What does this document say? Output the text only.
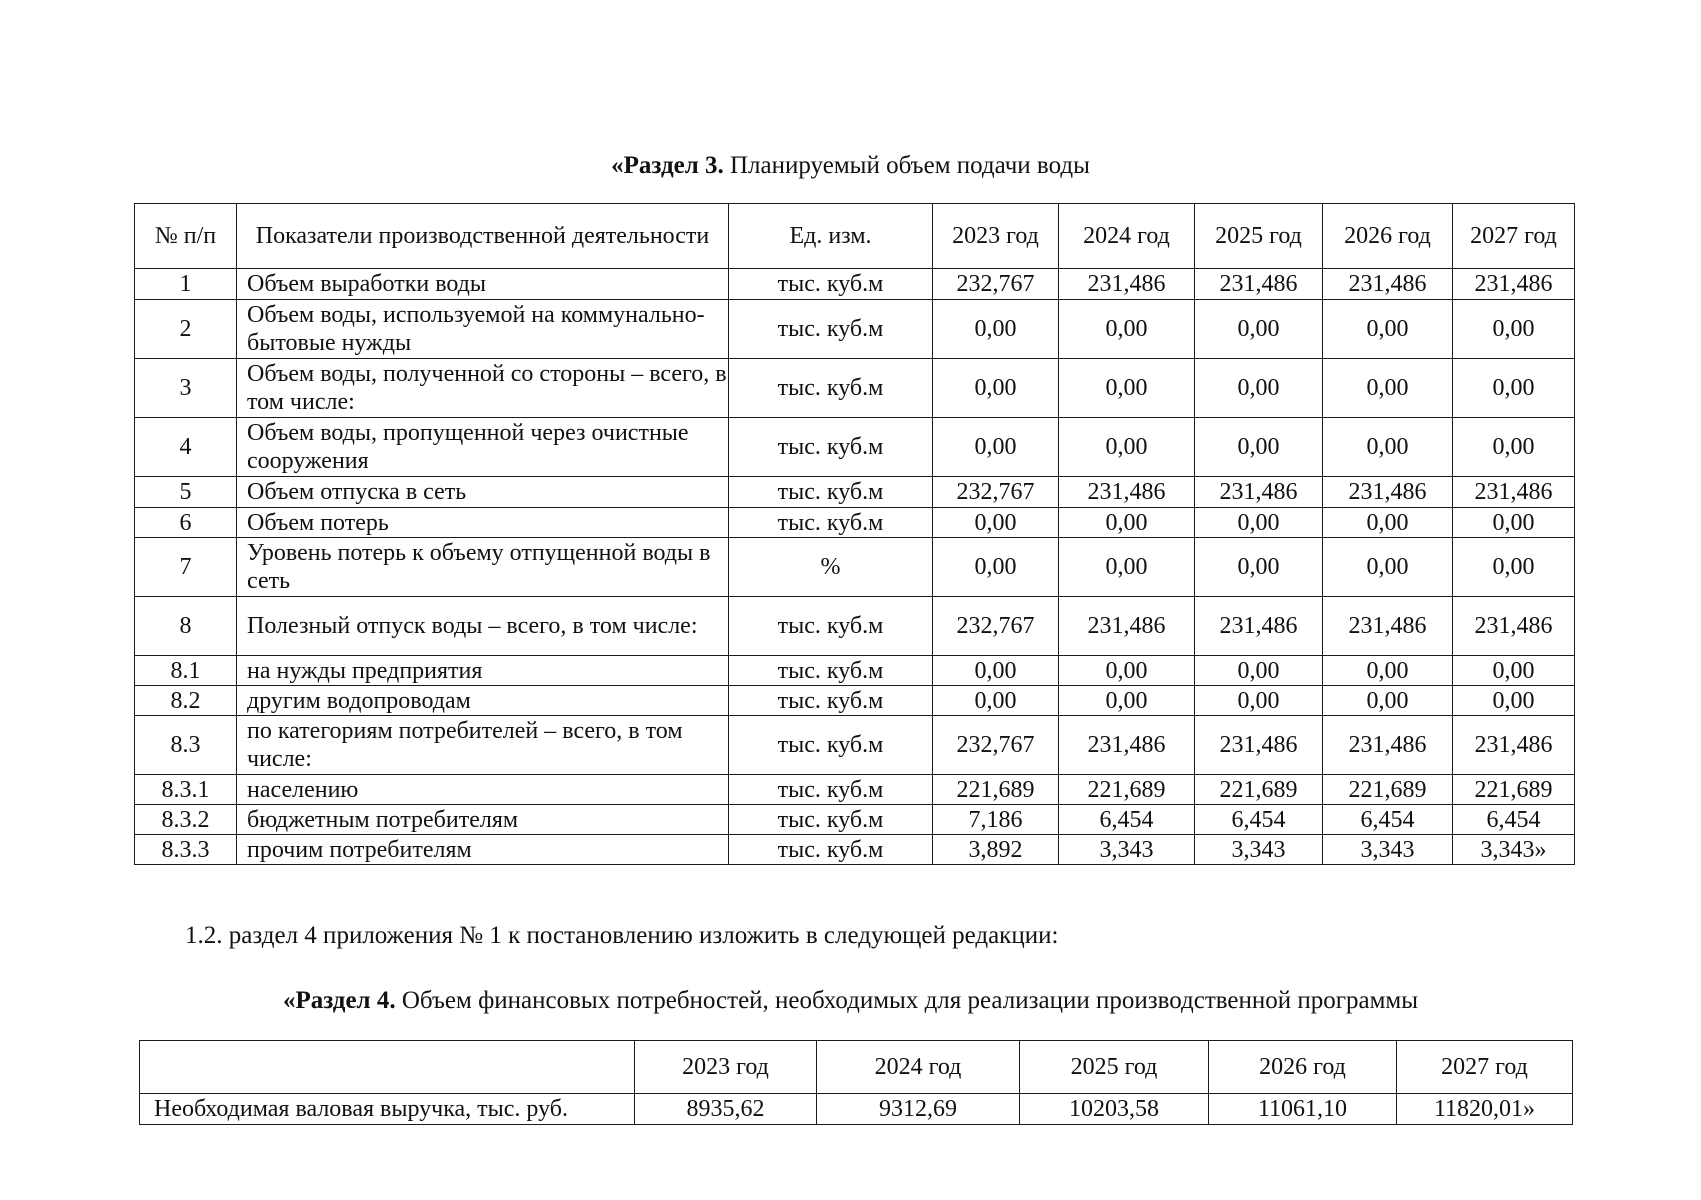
«Раздел 3. Планируемый объем подачи воды
№ п/п	Показатели производственной деятельности	Ед. изм.	2023 год	2024 год	2025 год	2026 год	2027 год
1	Объем выработки воды	тыс. куб.м	232,767	231,486	231,486	231,486	231,486
2	Объем воды, используемой на коммунально-бытовые нужды	тыс. куб.м	0,00	0,00	0,00	0,00	0,00
3	Объем воды, полученной со стороны – всего, в том числе:	тыс. куб.м	0,00	0,00	0,00	0,00	0,00
4	Объем воды, пропущенной через очистные сооружения	тыс. куб.м	0,00	0,00	0,00	0,00	0,00
5	Объем отпуска в сеть	тыс. куб.м	232,767	231,486	231,486	231,486	231,486
6	Объем потерь	тыс. куб.м	0,00	0,00	0,00	0,00	0,00
7	Уровень потерь к объему отпущенной воды в сеть	%	0,00	0,00	0,00	0,00	0,00
8	Полезный отпуск воды – всего, в том числе:	тыс. куб.м	232,767	231,486	231,486	231,486	231,486
8.1	на нужды предприятия	тыс. куб.м	0,00	0,00	0,00	0,00	0,00
8.2	другим водопроводам	тыс. куб.м	0,00	0,00	0,00	0,00	0,00
8.3	по категориям потребителей – всего, в том числе:	тыс. куб.м	232,767	231,486	231,486	231,486	231,486
8.3.1	населению	тыс. куб.м	221,689	221,689	221,689	221,689	221,689
8.3.2	бюджетным потребителям	тыс. куб.м	7,186	6,454	6,454	6,454	6,454
8.3.3	прочим потребителям	тыс. куб.м	3,892	3,343	3,343	3,343	3,343»
1.2. раздел 4 приложения № 1 к постановлению изложить в следующей редакции:
«Раздел 4. Объем финансовых потребностей, необходимых для реализации производственной программы
	2023 год	2024 год	2025 год	2026 год	2027 год
Необходимая валовая выручка, тыс. руб.	8935,62	9312,69	10203,58	11061,10	11820,01»
